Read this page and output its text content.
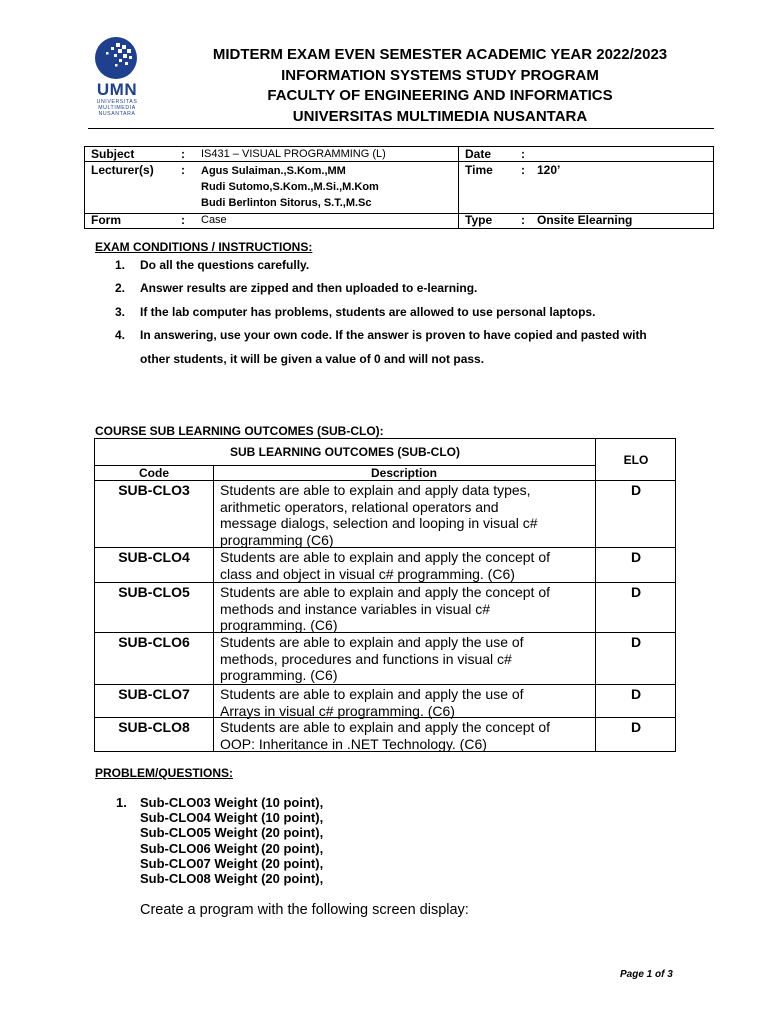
UMN
UNIVERSITAS
MULTIMEDIA
NUSANTARA
MIDTERM EXAM EVEN SEMESTER ACADEMIC YEAR 2022/2023
INFORMATION SYSTEMS STUDY PROGRAM
FACULTY OF ENGINEERING AND INFORMATICS
UNIVERSITAS MULTIMEDIA NUSANTARA
Subject	: IS431 – VISUAL PROGRAMMING (L)
Lecturer(s) : Agus Sulaiman.,S.Kom.,MM
Rudi Sutomo,S.Kom.,M.Si.,M.Kom
Budi Berlinton Sitorus, S.T.,M.Sc
Form	: Case
Date :
Time : 120’
Type : Onsite Elearning
EXAM CONDITIONS / INSTRUCTIONS:
1. Do all the questions carefully.
2. Answer results are zipped and then uploaded to e-learning.
3. If the lab computer has problems, students are allowed to use personal laptops.
4. In answering, use your own code. If the answer is proven to have copied and pasted with
other students, it will be given a value of 0 and will not pass.
COURSE SUB LEARNING OUTCOMES (SUB-CLO):
SUB LEARNING OUTCOMES (SUB-CLO)
ELO
Code	Description
SUB-CLO3	Students are able to explain and apply data types,
arithmetic operators, relational operators and
message dialogs, selection and looping in visual c#
programming (C6)
D
SUB-CLO4	Students are able to explain and apply the concept of
class and object in visual c# programming. (C6)
D
SUB-CLO5	Students are able to explain and apply the concept of
methods and instance variables in visual c#
programming. (C6)
D
SUB-CLO6	Students are able to explain and apply the use of
methods, procedures and functions in visual c#
programming. (C6)
D
SUB-CLO7	Students are able to explain and apply the use of
Arrays in visual c# programming. (C6)
D
SUB-CLO8	Students are able to explain and apply the concept of
OOP: Inheritance in .NET Technology. (C6)
D
PROBLEM/QUESTIONS:
1. Sub-CLO03 Weight (10 point),
Sub-CLO04 Weight (10 point),
Sub-CLO05 Weight (20 point),
Sub-CLO06 Weight (20 point),
Sub-CLO07 Weight (20 point),
Sub-CLO08 Weight (20 point),
Create a program with the following screen display:
Page 1 of 3
